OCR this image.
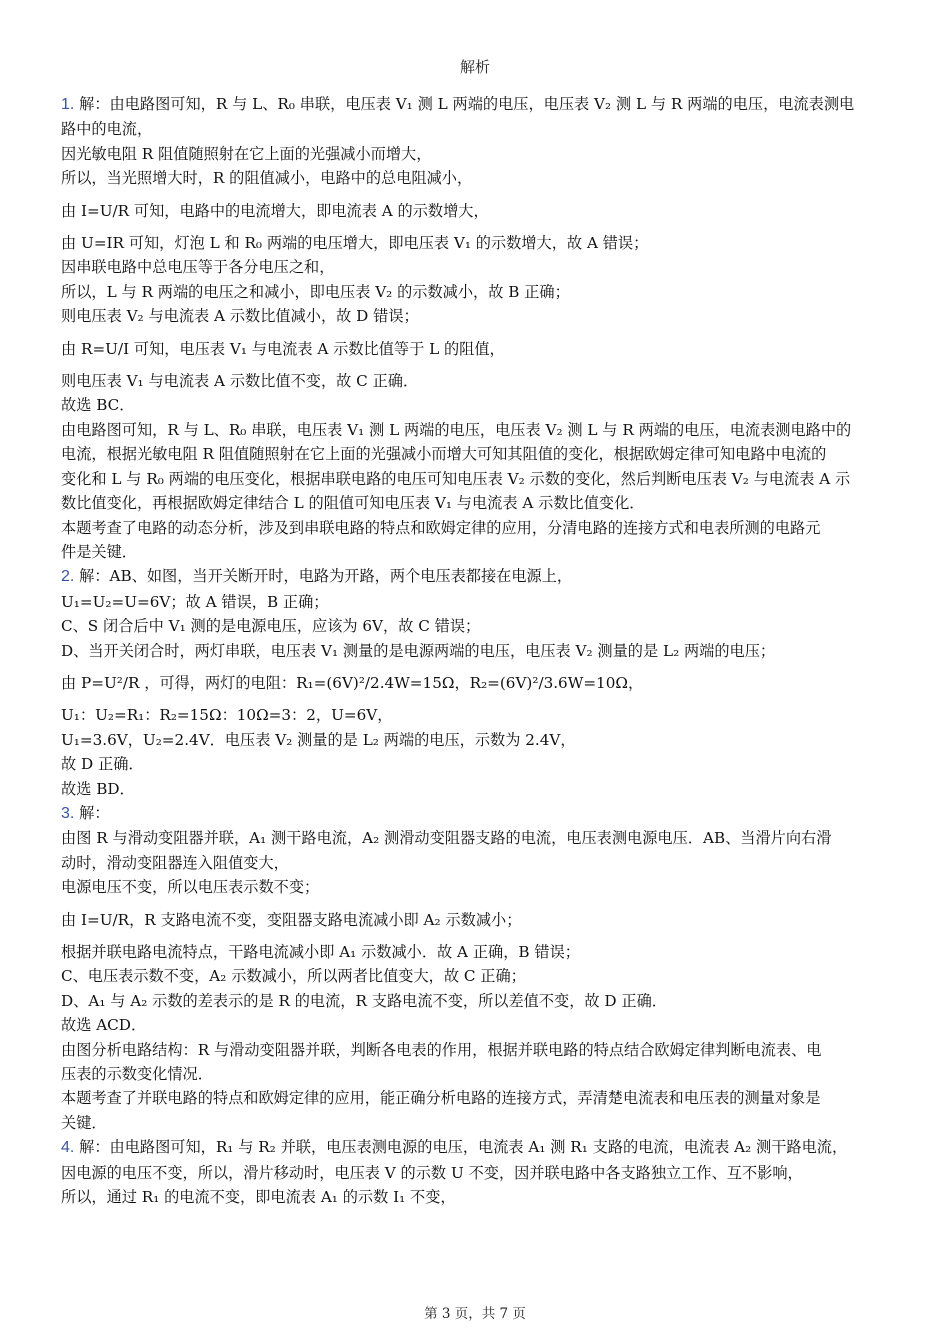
解析

1. 解：由电路图可知，R 与 L、R₀ 串联，电压表 V₁ 测 L 两端的电压，电压表 V₂ 测 L 与 R 两端的电压，电流表测电

路中的电流，

因光敏电阻 R 阻值随照射在它上面的光强减小而增大，

所以，当光照增大时，R 的阻值减小，电路中的总电阻减小，

由 I=U/R 可知，电路中的电流增大，即电流表 A 的示数增大，

由 U=IR 可知，灯泡 L 和 R₀ 两端的电压增大，即电压表 V₁ 的示数增大，故 A 错误；

因串联电路中总电压等于各分电压之和，

所以，L 与 R 两端的电压之和减小，即电压表 V₂ 的示数减小，故 B 正确；

则电压表 V₂ 与电流表 A 示数比值减小，故 D 错误；

由 R=U/I 可知，电压表 V₁ 与电流表 A 示数比值等于 L 的阻值，

则电压表 V₁ 与电流表 A 示数比值不变，故 C 正确．

故选 BC．

由电路图可知，R 与 L、R₀ 串联，电压表 V₁ 测 L 两端的电压，电压表 V₂ 测 L 与 R 两端的电压，电流表测电路中的

电流，根据光敏电阻 R 阻值随照射在它上面的光强减小而增大可知其阻值的变化，根据欧姆定律可知电路中电流的

变化和 L 与 R₀ 两端的电压变化，根据串联电路的电压可知电压表 V₂ 示数的变化，然后判断电压表 V₂ 与电流表 A 示

数比值变化，再根据欧姆定律结合 L 的阻值可知电压表 V₁ 与电流表 A 示数比值变化．

本题考查了电路的动态分析，涉及到串联电路的特点和欧姆定律的应用，分清电路的连接方式和电表所测的电路元

件是关键．

2. 解：AB、如图，当开关断开时，电路为开路，两个电压表都接在电源上，

U₁=U₂=U=6V；故 A 错误，B 正确；

C、S 闭合后中 V₁ 测的是电源电压，应该为 6V，故 C 错误；

D、当开关闭合时，两灯串联，电压表 V₁ 测量的是电源两端的电压，电压表 V₂ 测量的是 L₂ 两端的电压；

由 P=U²/R ，可得，两灯的电阻：R₁=(6V)²/2.4W=15Ω，R₂=(6V)²/3.6W=10Ω，

U₁：U₂=R₁：R₂=15Ω：10Ω=3：2，U=6V，

U₁=3.6V，U₂=2.4V．电压表 V₂ 测量的是 L₂ 两端的电压，示数为 2.4V，

故 D 正确．

故选 BD．

3. 解：

由图 R 与滑动变阻器并联，A₁ 测干路电流，A₂ 测滑动变阻器支路的电流，电压表测电源电压．AB、当滑片向右滑

动时，滑动变阻器连入阻值变大，

电源电压不变，所以电压表示数不变；

由 I=U/R，R 支路电流不变，变阻器支路电流减小即 A₂ 示数减小；

根据并联电路电流特点，干路电流减小即 A₁ 示数减小．故 A 正确，B 错误；

C、电压表示数不变，A₂ 示数减小，所以两者比值变大，故 C 正确；

D、A₁ 与 A₂ 示数的差表示的是 R 的电流，R 支路电流不变，所以差值不变，故 D 正确．

故选 ACD．

由图分析电路结构：R 与滑动变阻器并联，判断各电表的作用，根据并联电路的特点结合欧姆定律判断电流表、电

压表的示数变化情况．

本题考查了并联电路的特点和欧姆定律的应用，能正确分析电路的连接方式，弄清楚电流表和电压表的测量对象是

关键．

4. 解：由电路图可知，R₁ 与 R₂ 并联，电压表测电源的电压，电流表 A₁ 测 R₁ 支路的电流，电流表 A₂ 测干路电流，

因电源的电压不变，所以，滑片移动时，电压表 V 的示数 U 不变，因并联电路中各支路独立工作、互不影响，

所以，通过 R₁ 的电流不变，即电流表 A₁ 的示数 I₁ 不变，

第 3 页，共 7 页
